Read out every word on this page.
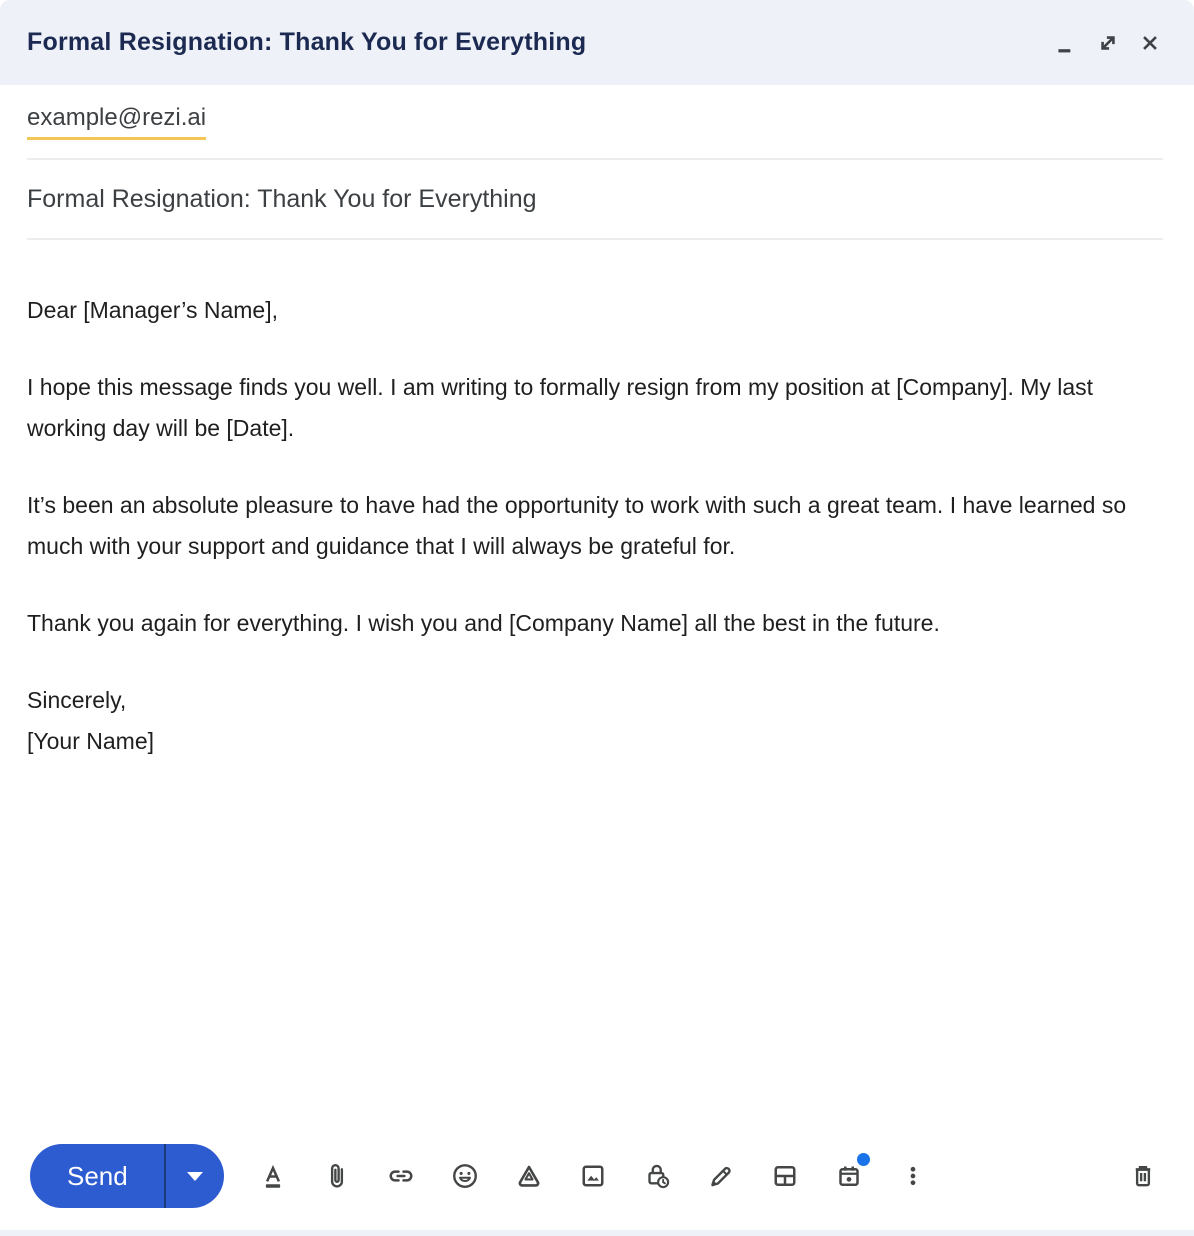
Formal Resignation: Thank You for Everything
example@rezi.ai
Formal Resignation: Thank You for Everything
Dear [Manager’s Name],
I hope this message finds you well. I am writing to formally resign from my position at [Company]. My last working day will be [Date].
It’s been an absolute pleasure to have had the opportunity to work with such a great team. I have learned so much with your support and guidance that I will always be grateful for.
Thank you again for everything. I wish you and [Company Name] all the best in the future.
Sincerely,
[Your Name]
Send
